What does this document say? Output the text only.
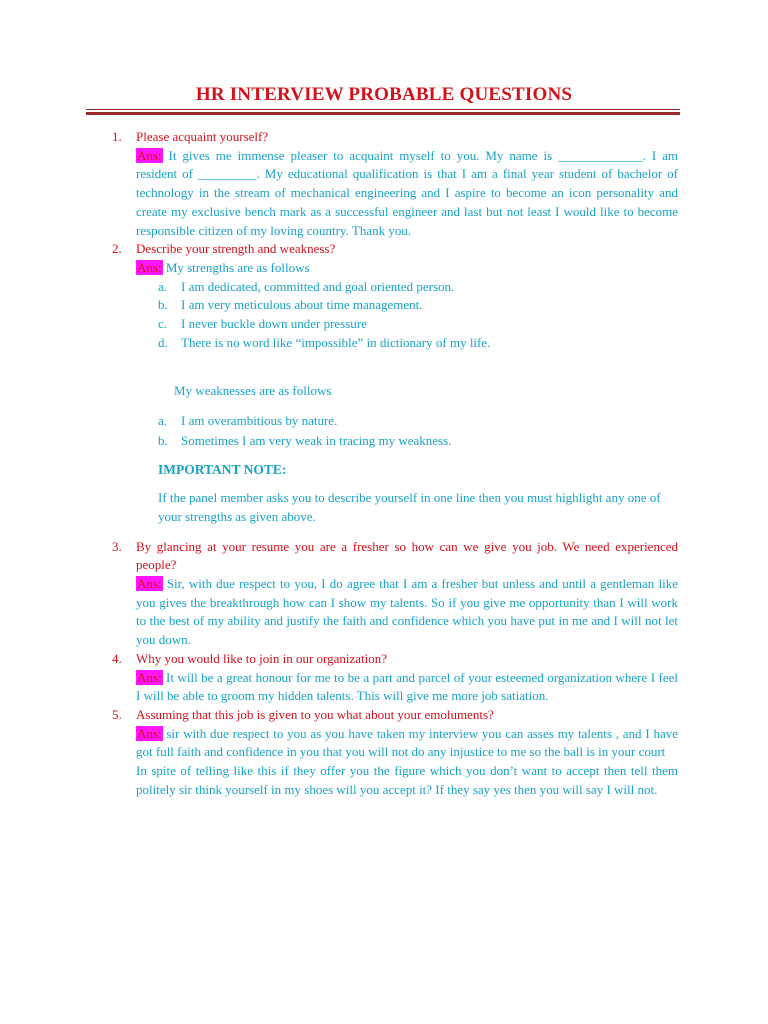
HR INTERVIEW PROBABLE QUESTIONS
1. Please acquaint yourself?
Ans: It gives me immense pleaser to acquaint myself to you. My name is _____________. I am resident of _________. My educational qualification is that I am a final year student of bachelor of technology in the stream of mechanical engineering and I aspire to become an icon personality and create my exclusive bench mark as a successful engineer and last but not least I would like to become responsible citizen of my loving country. Thank you.
2. Describe your strength and weakness?
Ans: My strengths are as follows
a. I am dedicated, committed and goal oriented person.
b. I am very meticulous about time management.
c. I never buckle down under pressure
d. There is no word like “impossible” in dictionary of my life.
My weaknesses are as follows
a. I am overambitious by nature.
b. Sometimes I am very weak in tracing my weakness.
IMPORTANT NOTE:
If the panel member asks you to describe yourself in one line then you must highlight any one of your strengths as given above.
3. By glancing at your resume you are a fresher so how can we give you job. We need experienced people?
Ans: Sir, with due respect to you, I do agree that I am a fresher but unless and until a gentleman like you gives the breakthrough how can I show my talents. So if you give me opportunity than I will work to the best of my ability and justify the faith and confidence which you have put in me and I will not let you down.
4. Why you would like to join in our organization?
Ans: It will be a great honour for me to be a part and parcel of your esteemed organization where I feel I will be able to groom my hidden talents. This will give me more job satiation.
5. Assuming that this job is given to you what about your emoluments?
Ans: sir with due respect to you as you have taken my interview you can asses my talents , and I have got full faith and confidence in you that you will not do any injustice to me so the ball is in your court
In spite of telling like this if they offer you the figure which you don’t want to accept then tell them politely sir think yourself in my shoes will you accept it? If they say yes then you will say I will not.
